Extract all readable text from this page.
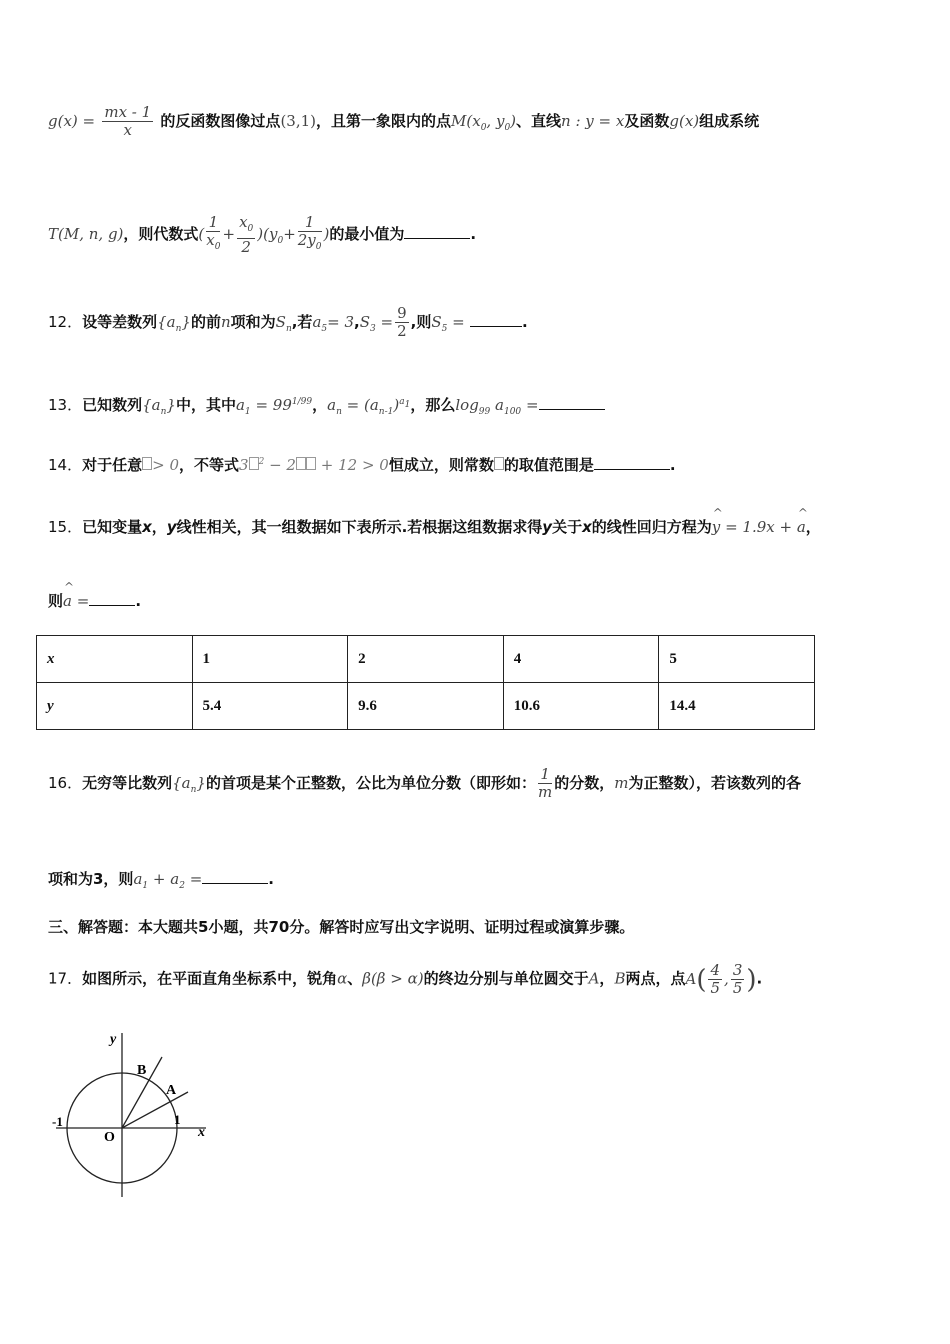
$g(x) = \frac{mx - 1}{x}$ 的反函数图像过点(3,1)，且第一象限内的点$M(x_0$, $y_0$)、直线n : y = x及函数g(x)组成系统
T(M, n, g)，则代数式( $\frac{1}{x_0} + \frac{x_0}{2} )(y_0+ \frac{1}{2y_0}$ )的最小值为	.
12．设等差数列$\{a_n\}$的前n项和为$S_n$,若$a_5= 3,S_3 = \frac{9}{2}$ ,则$S_5$ =	.
13．已知数列$\{a_n\}$中，其中$a_1 = 99^{1/99}$，$a_n = (a_{n-1})^{a_1}$，那么$\log_{99} a_{100}$ =
14．对于任意 > 0，不等式3 $^2$ − 2 + 12 > 0恒成立，则常数 的取值范围是	.
15．已知变量x，y线性相关，其一组数据如下表所示.若根据这组数据求得y关于x的线性回归方程为^ y = 1.9x + ^ a，
则^ a =	.
x	1	2	4	5
y	5.4	9.6	10.6	14.4
16．无穷等比数列$\{a_n\}$的首项是某个正整数，公比为单位分数（即形如： $\frac{1}{m}$ 的分数，m为正整数），若该数列的各
项和为3，则$a_1 + a_2$ =	.
三、解答题：本大题共5小题，共70分。解答时应写出文字说明、证明过程或演算步骤。
17．如图所示，在平面直角坐标系中，锐角α、β(β > α)的终边分别与单位圆交于A，B两点，点$A( \frac{4}{5}$ , $\frac{3}{5}$ ).
y
x
O
-1	1
A
B
